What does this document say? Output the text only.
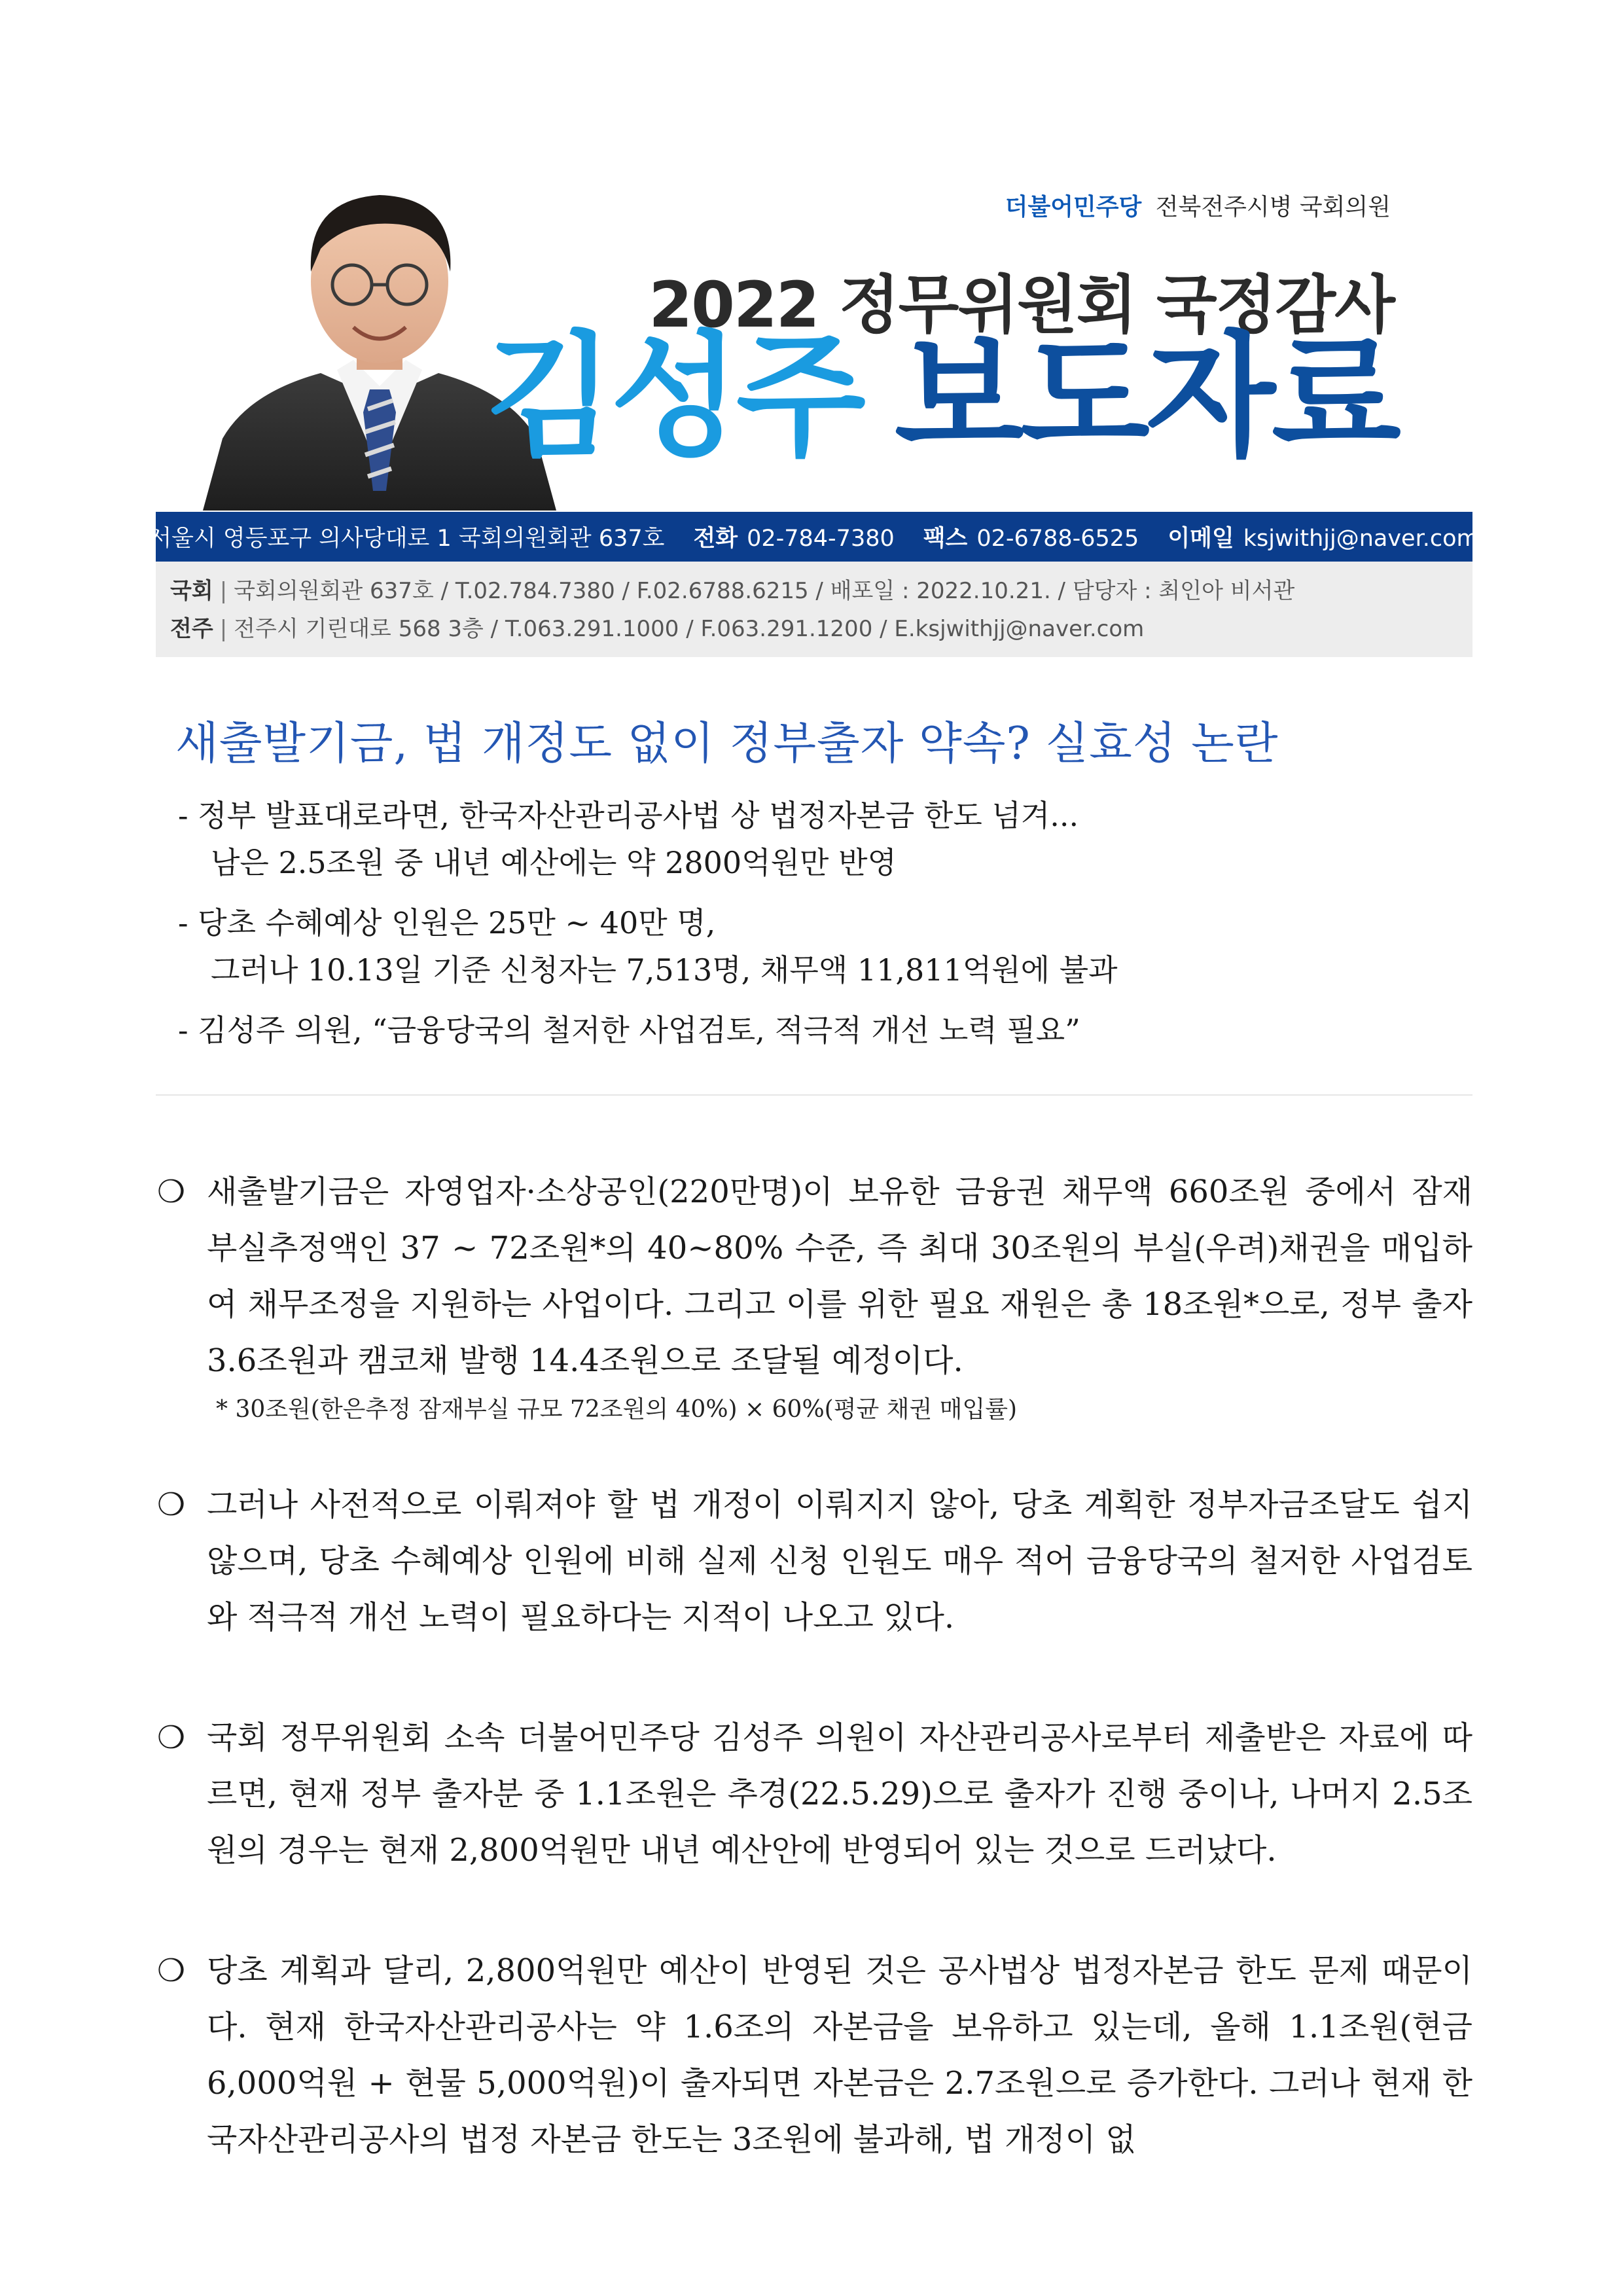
더불어민주당 전북전주시병 국회의원
2022 정무위원회 국정감사
김성주 보도자료
서울시 영등포구 의사당대로 1 국회의원회관 637호 전화 02-784-7380 팩스 02-6788-6525 이메일 ksjwithjj@naver.com
국회 | 국회의원회관 637호 / T.02.784.7380 / F.02.6788.6215 / 배포일 : 2022.10.21. / 담당자 : 최인아 비서관
전주 | 전주시 기린대로 568 3층 / T.063.291.1000 / F.063.291.1200 / E.ksjwithjj@naver.com
새출발기금, 법 개정도 없이 정부출자 약속? 실효성 논란
- 정부 발표대로라면, 한국자산관리공사법 상 법정자본금 한도 넘겨...
남은 2.5조원 중 내년 예산에는 약 2800억원만 반영
- 당초 수혜예상 인원은 25만 ~ 40만 명,
그러나 10.13일 기준 신청자는 7,513명, 채무액 11,811억원에 불과
- 김성주 의원, “금융당국의 철저한 사업검토, 적극적 개선 노력 필요”
❍ 새출발기금은 자영업자·소상공인(220만명)이 보유한 금융권 채무액 660조원 중에서 잠재 부실추정액인 37 ~ 72조원*의 40~80% 수준, 즉 최대 30조원의 부실(우려)채권을 매입하여 채무조정을 지원하는 사업이다. 그리고 이를 위한 필요 재원은 총 18조원*으로, 정부 출자 3.6조원과 캠코채 발행 14.4조원으로 조달될 예정이다.
* 30조원(한은추정 잠재부실 규모 72조원의 40%) × 60%(평균 채권 매입률)
❍ 그러나 사전적으로 이뤄져야 할 법 개정이 이뤄지지 않아, 당초 계획한 정부자금조달도 쉽지 않으며, 당초 수혜예상 인원에 비해 실제 신청 인원도 매우 적어 금융당국의 철저한 사업검토와 적극적 개선 노력이 필요하다는 지적이 나오고 있다.
❍ 국회 정무위원회 소속 더불어민주당 김성주 의원이 자산관리공사로부터 제출받은 자료에 따르면, 현재 정부 출자분 중 1.1조원은 추경(22.5.29)으로 출자가 진행 중이나, 나머지 2.5조원의 경우는 현재 2,800억원만 내년 예산안에 반영되어 있는 것으로 드러났다.
❍ 당초 계획과 달리, 2,800억원만 예산이 반영된 것은 공사법상 법정자본금 한도 문제 때문이다. 현재 한국자산관리공사는 약 1.6조의 자본금을 보유하고 있는데, 올해 1.1조원(현금 6,000억원 + 현물 5,000억원)이 출자되면 자본금은 2.7조원으로 증가한다. 그러나 현재 한국자산관리공사의 법정 자본금 한도는 3조원에 불과해, 법 개정이 없
